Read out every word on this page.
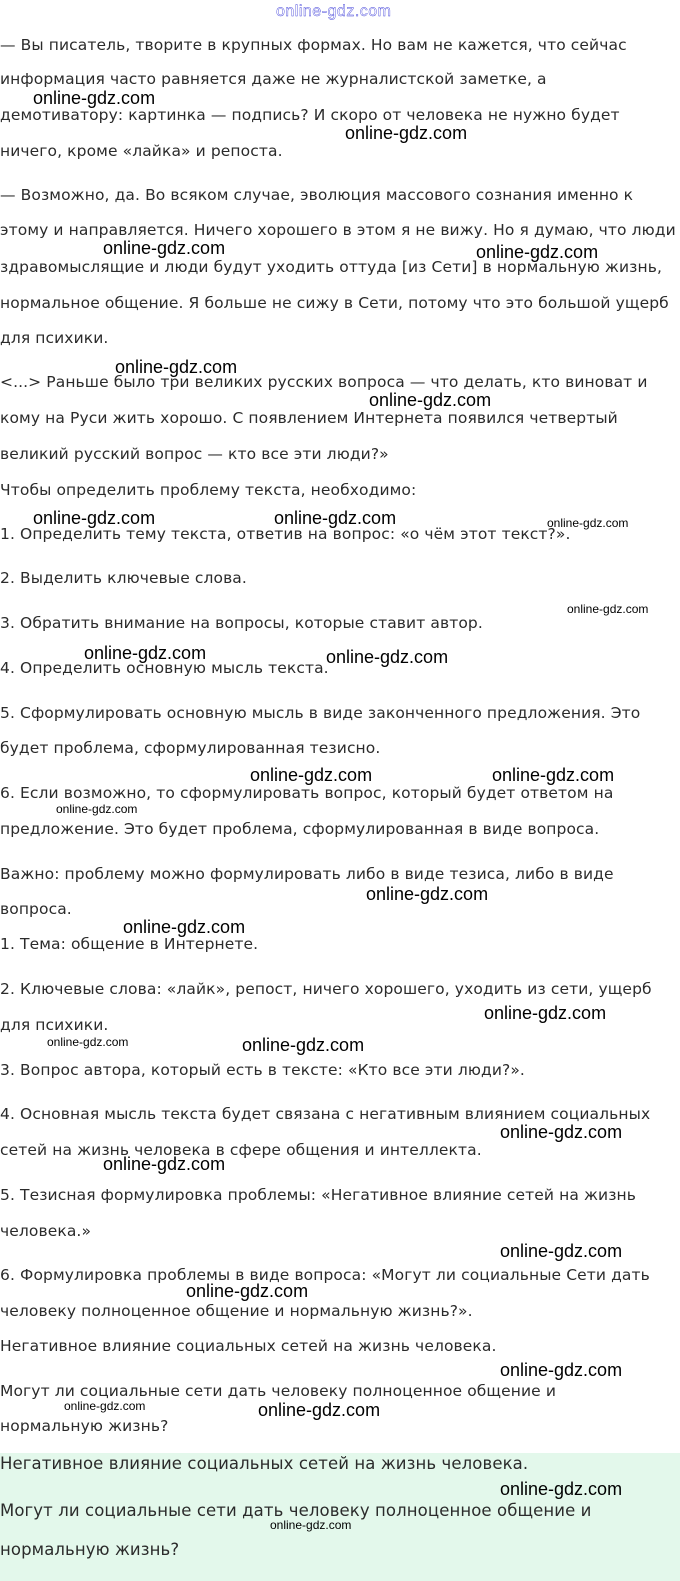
online-gdz.com
— Вы писатель, творите в крупных формах. Но вам не кажется, что сейчас
информация часто равняется даже не журналистской заметке, а
демотиватору: картинка — подпись? И скоро от человека не нужно будет
ничего, кроме «лайка» и репоста.
— Возможно, да. Во всяком случае, эволюция массового сознания именно к
этому и направляется. Ничего хорошего в этом я не вижу. Но я думаю, что люди
здравомыслящие и люди будут уходить оттуда [из Сети] в нормальную жизнь,
нормальное общение. Я больше не сижу в Сети, потому что это большой ущерб
для психики.
<...> Раньше было три великих русских вопроса — что делать, кто виноват и
кому на Руси жить хорошо. С появлением Интернета появился четвертый
великий русский вопрос — кто все эти люди?»
Чтобы определить проблему текста, необходимо:
1. Определить тему текста, ответив на вопрос: «о чём этот текст?».
2. Выделить ключевые слова.
3. Обратить внимание на вопросы, которые ставит автор.
4. Определить основную мысль текста.
5. Сформулировать основную мысль в виде законченного предложения. Это
будет проблема, сформулированная тезисно.
6. Если возможно, то сформулировать вопрос, который будет ответом на
предложение. Это будет проблема, сформулированная в виде вопроса.
Важно: проблему можно формулировать либо в виде тезиса, либо в виде
вопроса.
1. Тема: общение в Интернете.
2. Ключевые слова: «лайк», репост, ничего хорошего, уходить из сети, ущерб
для психики.
3. Вопрос автора, который есть в тексте: «Кто все эти люди?».
4. Основная мысль текста будет связана с негативным влиянием социальных
сетей на жизнь человека в сфере общения и интеллекта.
5. Тезисная формулировка проблемы: «Негативное влияние сетей на жизнь
человека.»
6. Формулировка проблемы в виде вопроса: «Могут ли социальные Сети дать
человеку полноценное общение и нормальную жизнь?».
Негативное влияние социальных сетей на жизнь человека.
Могут ли социальные сети дать человеку полноценное общение и
нормальную жизнь?
Негативное влияние социальных сетей на жизнь человека.
Могут ли социальные сети дать человеку полноценное общение и
нормальную жизнь?
online-gdz.com
online-gdz.com
online-gdz.com	online-gdz.com
online-gdz.com
online-gdz.com
online-gdz.com	online-gdz.com	online-gdz.com
online-gdz.com
online-gdz.com	online-gdz.com
online-gdz.com	online-gdz.com
online-gdz.com
online-gdz.com
online-gdz.com
online-gdz.com
online-gdz.com	online-gdz.com
online-gdz.com
online-gdz.com
online-gdz.com
online-gdz.com
online-gdz.com
online-gdz.com	online-gdz.com
online-gdz.com
online-gdz.com
